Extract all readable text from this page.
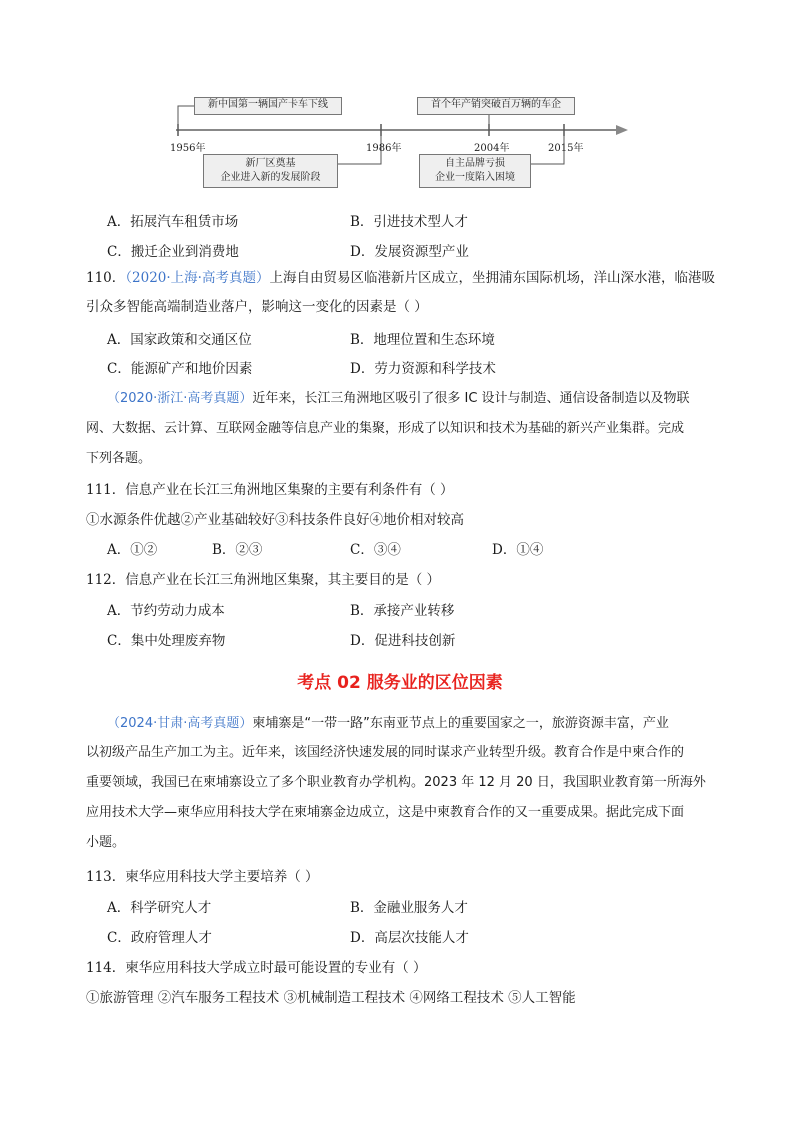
新中国第一辆国产卡车下线	首个年产销突破百万辆的车企
新厂区奠基
企业进入新的发展阶段
自主品牌亏损
企业一度陷入困境
1956年	1986年	2004年	2015年
A．拓展汽车租赁市场	B．引进技术型人才
C．搬迁企业到消费地	D．发展资源型产业
110．（2020·上海·高考真题）上海自由贸易区临港新片区成立，坐拥浦东国际机场，洋山深水港，临港吸
引众多智能高端制造业落户，影响这一变化的因素是（ ）
A．国家政策和交通区位	B．地理位置和生态环境
C．能源矿产和地价因素	D．劳力资源和科学技术
（2020·浙江·高考真题）近年来，长江三角洲地区吸引了很多 IC 设计与制造、通信设备制造以及物联
网、大数据、云计算、互联网金融等信息产业的集聚，形成了以知识和技术为基础的新兴产业集群。完成
下列各题。
111．信息产业在长江三角洲地区集聚的主要有利条件有（ ）
①水源条件优越②产业基础较好③科技条件良好④地价相对较高
A．①②	B．②③	C．③④	D．①④
112．信息产业在长江三角洲地区集聚，其主要目的是（ ）
A．节约劳动力成本	B．承接产业转移
C．集中处理废弃物	D．促进科技创新
考点 02 服务业的区位因素
（2024·甘肃·高考真题）柬埔寨是“一带一路”东南亚节点上的重要国家之一，旅游资源丰富，产业
以初级产品生产加工为主。近年来，该国经济快速发展的同时谋求产业转型升级。教育合作是中柬合作的
重要领域，我国已在柬埔寨设立了多个职业教育办学机构。2023 年 12 月 20 日，我国职业教育第一所海外
应用技术大学—柬华应用科技大学在柬埔寨金边成立，这是中柬教育合作的又一重要成果。据此完成下面
小题。
113．柬华应用科技大学主要培养（ ）
A．科学研究人才	B．金融业服务人才
C．政府管理人才	D．高层次技能人才
114．柬华应用科技大学成立时最可能设置的专业有（ ）
①旅游管理 ②汽车服务工程技术 ③机械制造工程技术 ④网络工程技术 ⑤人工智能
